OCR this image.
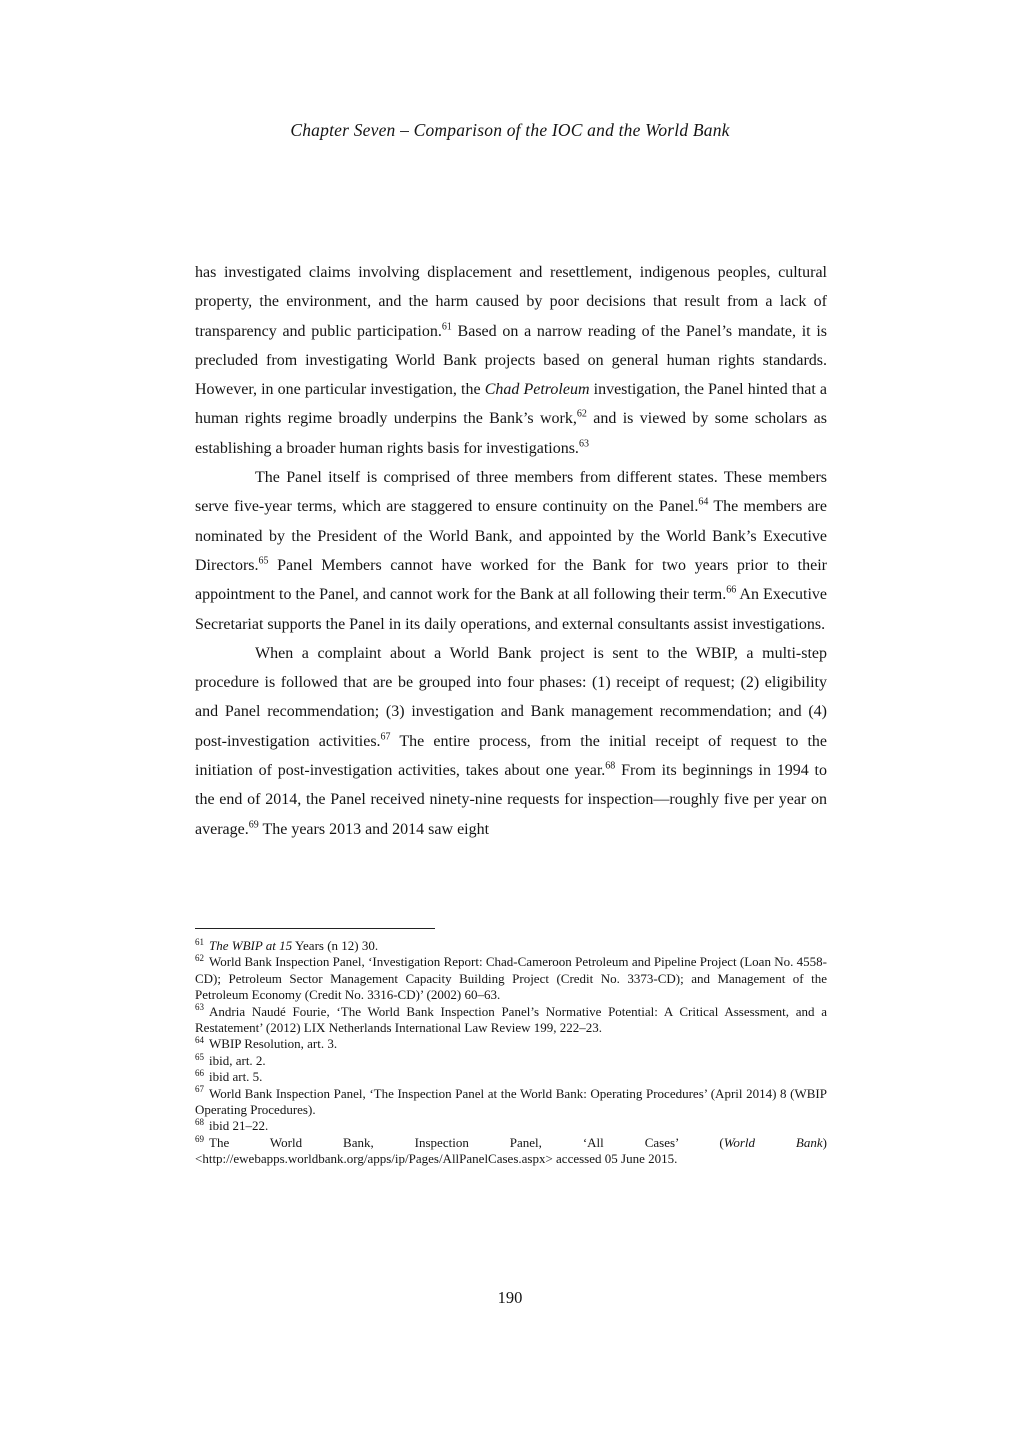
Chapter Seven – Comparison of the IOC and the World Bank

has investigated claims involving displacement and resettlement, indigenous peoples, cultural property, the environment, and the harm caused by poor decisions that result from a lack of transparency and public participation.$^{61}$ Based on a narrow reading of the Panel’s mandate, it is precluded from investigating World Bank projects based on general human rights standards. However, in one particular investigation, the Chad Petroleum investigation, the Panel hinted that a human rights regime broadly underpins the Bank’s work,$^{62}$ and is viewed by some scholars as establishing a broader human rights basis for investigations.$^{63}$

The Panel itself is comprised of three members from different states. These members serve five-year terms, which are staggered to ensure continuity on the Panel.$^{64}$ The members are nominated by the President of the World Bank, and appointed by the World Bank’s Executive Directors.$^{65}$ Panel Members cannot have worked for the Bank for two years prior to their appointment to the Panel, and cannot work for the Bank at all following their term.$^{66}$ An Executive Secretariat supports the Panel in its daily operations, and external consultants assist investigations.

When a complaint about a World Bank project is sent to the WBIP, a multi-step procedure is followed that are be grouped into four phases: (1) receipt of request; (2) eligibility and Panel recommendation; (3) investigation and Bank management recommendation; and (4) post-investigation activities.$^{67}$ The entire process, from the initial receipt of request to the initiation of post-investigation activities, takes about one year.$^{68}$ From its beginnings in 1994 to the end of 2014, the Panel received ninety-nine requests for inspection—roughly five per year on average.$^{69}$ The years 2013 and 2014 saw eight

$^{61}$ The WBIP at 15 Years (n 12) 30.

$^{62}$ World Bank Inspection Panel, ‘Investigation Report: Chad-Cameroon Petroleum and Pipeline Project (Loan No. 4558-CD); Petroleum Sector Management Capacity Building Project (Credit No. 3373-CD); and Management of the Petroleum Economy (Credit No. 3316-CD)’ (2002) 60–63.

$^{63}$ Andria Naudé Fourie, ‘The World Bank Inspection Panel’s Normative Potential: A Critical Assessment, and a Restatement’ (2012) LIX Netherlands International Law Review 199, 222–23.

$^{64}$ WBIP Resolution, art. 3.

$^{65}$ ibid, art. 2.

$^{66}$ ibid art. 5.

$^{67}$ World Bank Inspection Panel, ‘The Inspection Panel at the World Bank: Operating Procedures’ (April 2014) 8 (WBIP Operating Procedures).

$^{68}$ ibid 21–22.

$^{69}$ The World Bank, Inspection Panel, ‘All Cases’ (World Bank) <http://ewebapps.worldbank.org/apps/ip/Pages/AllPanelCases.aspx> accessed 05 June 2015.

190
